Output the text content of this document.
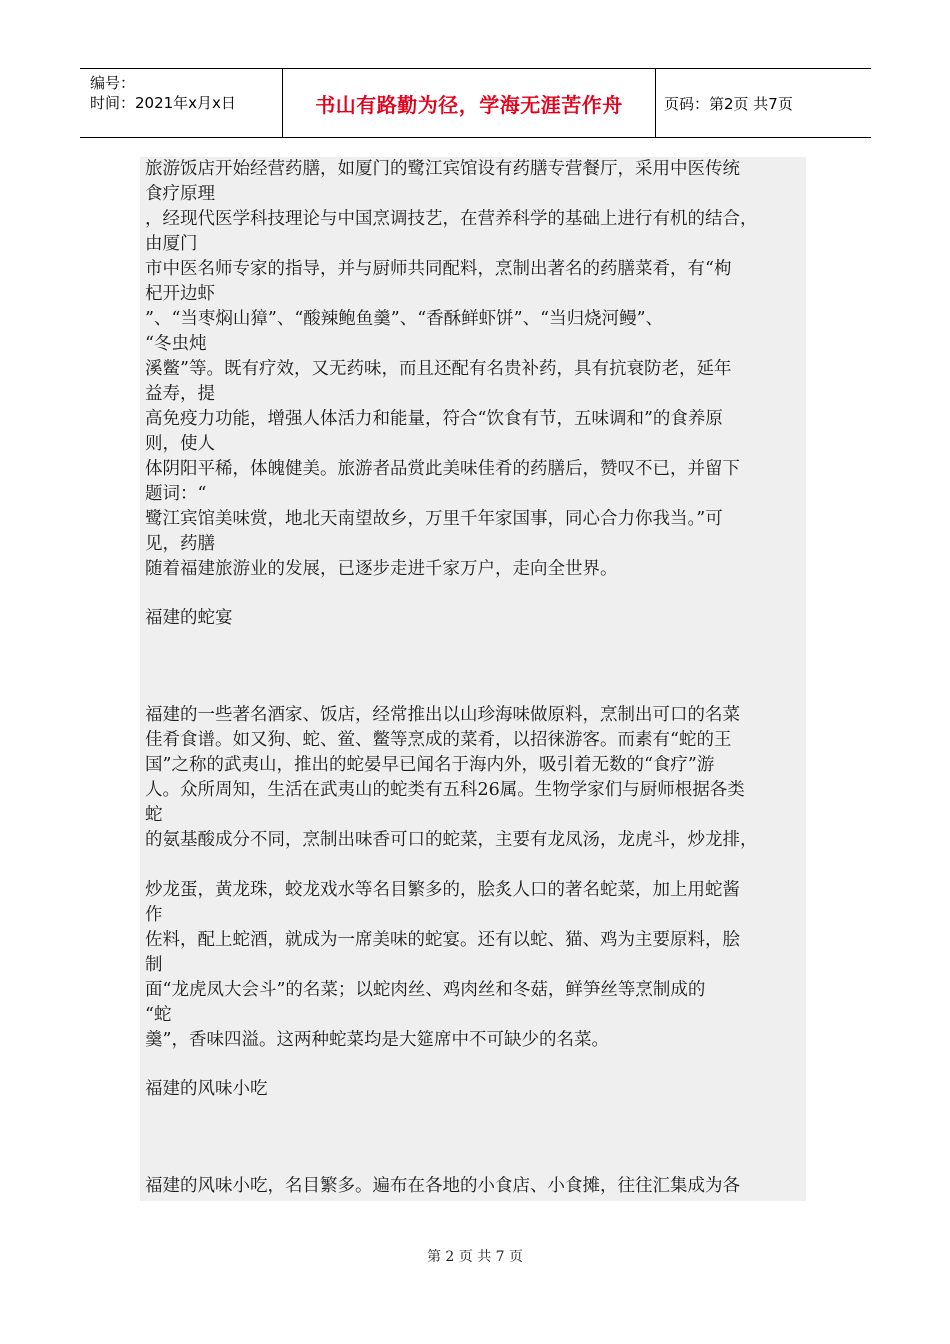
编号：
时间：2021年x月x日	书山有路勤为径，学海无涯苦作舟	页码：第2页 共7页
旅游饭店开始经营药膳，如厦门的鹭江宾馆设有药膳专营餐厅，采用中医传统
食疗原理
，经现代医学科技理论与中国烹调技艺，在营养科学的基础上进行有机的结合，
由厦门
市中医名师专家的指导，并与厨师共同配料，烹制出著名的药膳菜肴，有“枸
杞开边虾
”、“当枣焖山獐”、“酸辣鲍鱼羹”、“香酥鲜虾饼”、“当归烧河鳗”、
“冬虫炖
溪鳖”等。既有疗效，又无药味，而且还配有名贵补药，具有抗衰防老，延年
益寿，提
高免疫力功能，增强人体活力和能量，符合“饮食有节，五味调和”的食养原
则，使人
体阴阳平稀，体魄健美。旅游者品赏此美味佳肴的药膳后，赞叹不已，并留下
题词：“
鹭江宾馆美味赏，地北天南望故乡，万里千年家国事，同心合力你我当。”可
见，药膳
随着福建旅游业的发展，已逐步走进千家万户，走向全世界。
福建的蛇宴
福建的一些著名酒家、饭店，经常推出以山珍海味做原料，烹制出可口的名菜
佳肴食谱。如又狗、蛇、鲎、鳖等烹成的菜肴，以招徕游客。而素有“蛇的王
国”之称的武夷山，推出的蛇晏早已闻名于海内外，吸引着无数的“食疗”游
人。众所周知，生活在武夷山的蛇类有五科26属。生物学家们与厨师根据各类
蛇
的氨基酸成分不同，烹制出味香可口的蛇菜，主要有龙凤汤，龙虎斗，炒龙排，
炒龙蛋，黄龙珠，蛟龙戏水等名目繁多的，脍炙人口的著名蛇菜，加上用蛇酱
作
佐料，配上蛇酒，就成为一席美味的蛇宴。还有以蛇、猫、鸡为主要原料，脍
制
面“龙虎凤大会斗”的名菜；以蛇肉丝、鸡肉丝和冬菇，鲜笋丝等烹制成的
“蛇
羹”，香味四溢。这两种蛇菜均是大筵席中不可缺少的名菜。
福建的风味小吃
福建的风味小吃，名目繁多。遍布在各地的小食店、小食摊，往往汇集成为各
第 2 页 共 7 页
